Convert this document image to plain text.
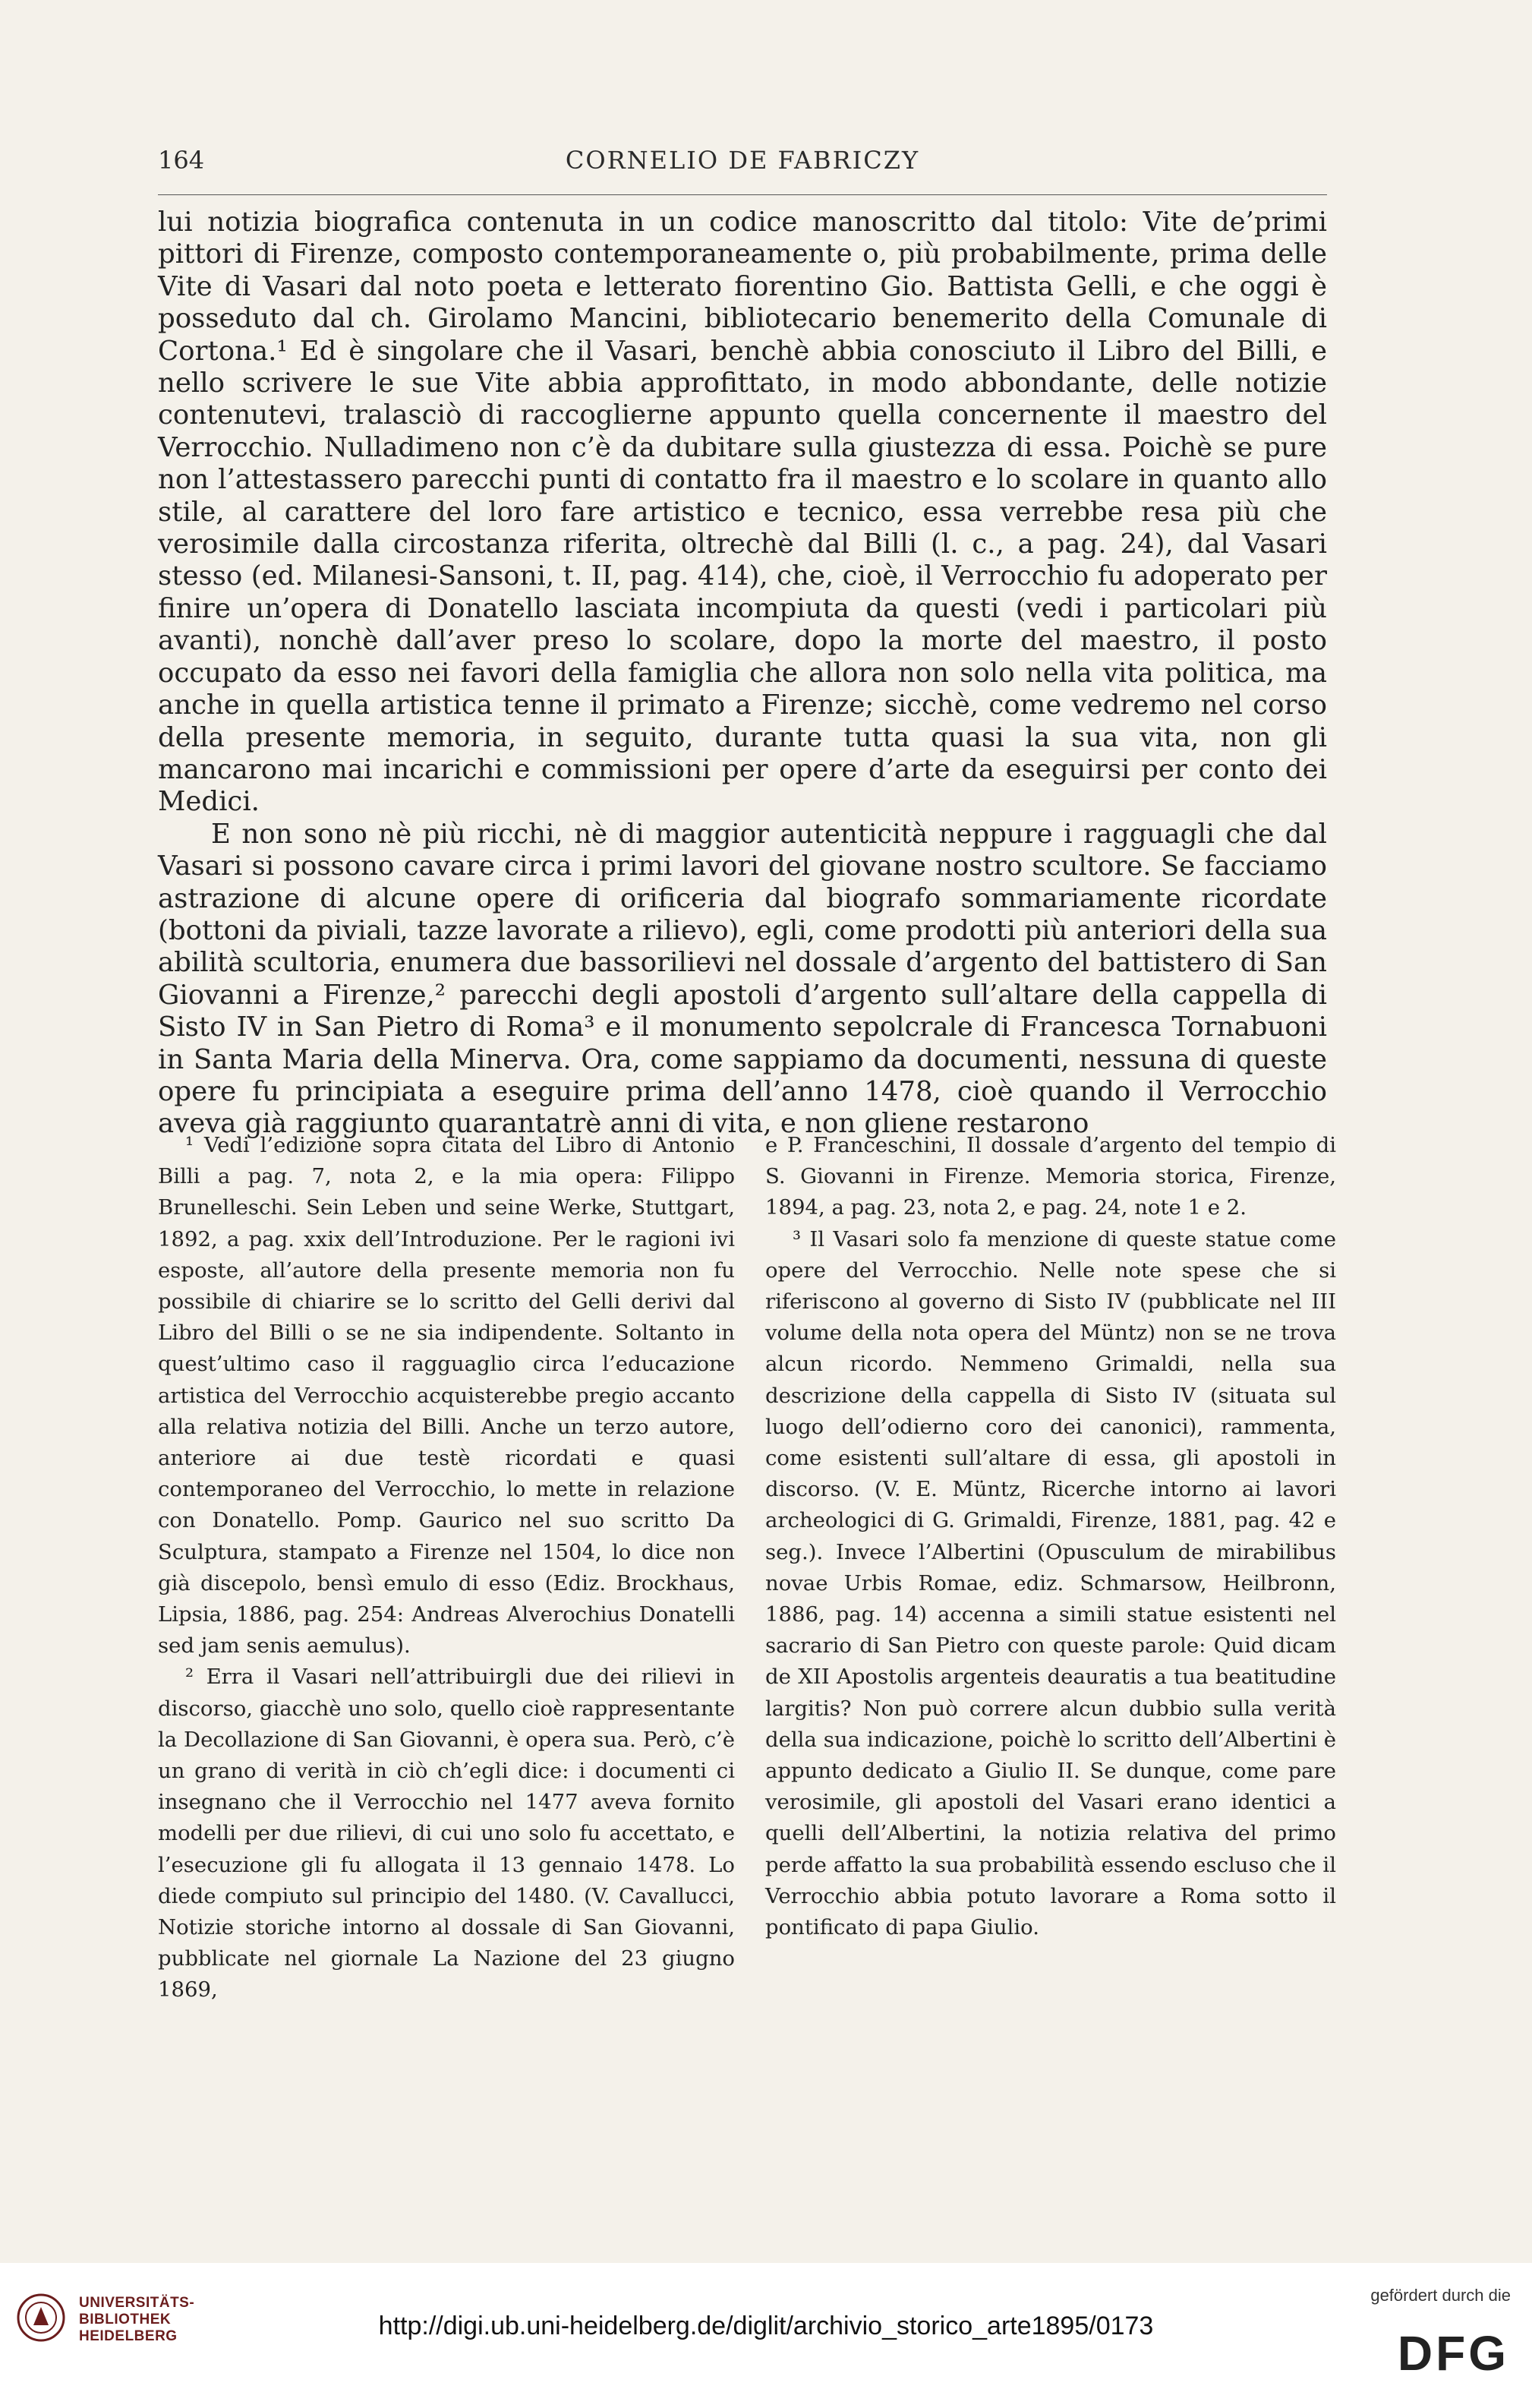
164	CORNELIO DE FABRICZY

lui notizia biografica contenuta in un codice manoscritto dal titolo: Vite de’primi pittori di Firenze, composto contemporaneamente o, più probabilmente, prima delle Vite di Vasari dal noto poeta e letterato fiorentino Gio. Battista Gelli, e che oggi è posseduto dal ch. Girolamo Mancini, bibliotecario benemerito della Comunale di Cortona.¹ Ed è singolare che il Vasari, benchè abbia conosciuto il Libro del Billi, e nello scrivere le sue Vite abbia approfittato, in modo abbondante, delle notizie contenutevi, tralasciò di raccoglierne appunto quella concernente il maestro del Verrocchio. Nulladimeno non c’è da dubitare sulla giustezza di essa. Poichè se pure non l’attestassero parecchi punti di contatto fra il maestro e lo scolare in quanto allo stile, al carattere del loro fare artistico e tecnico, essa verrebbe resa più che verosimile dalla circostanza riferita, oltrechè dal Billi (l. c., a pag. 24), dal Vasari stesso (ed. Milanesi-Sansoni, t. II, pag. 414), che, cioè, il Verrocchio fu adoperato per finire un’opera di Donatello lasciata incompiuta da questi (vedi i particolari più avanti), nonchè dall’aver preso lo scolare, dopo la morte del maestro, il posto occupato da esso nei favori della famiglia che allora non solo nella vita politica, ma anche in quella artistica tenne il primato a Firenze; sicchè, come vedremo nel corso della presente memoria, in seguito, durante tutta quasi la sua vita, non gli mancarono mai incarichi e commissioni per opere d’arte da eseguirsi per conto dei Medici.

E non sono nè più ricchi, nè di maggior autenticità neppure i ragguagli che dal Vasari si possono cavare circa i primi lavori del giovane nostro scultore. Se facciamo astrazione di alcune opere di orificeria dal biografo sommariamente ricordate (bottoni da piviali, tazze lavorate a rilievo), egli, come prodotti più anteriori della sua abilità scultoria, enumera due bassorilievi nel dossale d’argento del battistero di San Giovanni a Firenze,² parecchi degli apostoli d’argento sull’altare della cappella di Sisto IV in San Pietro di Roma³ e il monumento sepolcrale di Francesca Tornabuoni in Santa Maria della Minerva. Ora, come sappiamo da documenti, nessuna di queste opere fu principiata a eseguire prima dell’anno 1478, cioè quando il Verrocchio aveva già raggiunto quarantatrè anni di vita, e non gliene restarono

¹ Vedi l’edizione sopra citata del Libro di Antonio Billi a pag. 7, nota 2, e la mia opera: Filippo Brunelleschi. Sein Leben und seine Werke, Stuttgart, 1892, a pag. xxix dell’Introduzione. Per le ragioni ivi esposte, all’autore della presente memoria non fu possibile di chiarire se lo scritto del Gelli derivi dal Libro del Billi o se ne sia indipendente. Soltanto in quest’ultimo caso il ragguaglio circa l’educazione artistica del Verrocchio acquisterebbe pregio accanto alla relativa notizia del Billi. Anche un terzo autore, anteriore ai due testè ricordati e quasi contemporaneo del Verrocchio, lo mette in relazione con Donatello. Pomp. Gaurico nel suo scritto Da Sculptura, stampato a Firenze nel 1504, lo dice non già discepolo, bensì emulo di esso (Ediz. Brockhaus, Lipsia, 1886, pag. 254: Andreas Alverochius Donatelli sed jam senis aemulus).

² Erra il Vasari nell’attribuirgli due dei rilievi in discorso, giacchè uno solo, quello cioè rappresentante la Decollazione di San Giovanni, è opera sua. Però, c’è un grano di verità in ciò ch’egli dice: i documenti ci insegnano che il Verrocchio nel 1477 aveva fornito modelli per due rilievi, di cui uno solo fu accettato, e l’esecuzione gli fu allogata il 13 gennaio 1478. Lo diede compiuto sul principio del 1480. (V. Cavallucci, Notizie storiche intorno al dossale di San Giovanni, pubblicate nel giornale La Nazione del 23 giugno 1869,

e P. Franceschini, Il dossale d’argento del tempio di S. Giovanni in Firenze. Memoria storica, Firenze, 1894, a pag. 23, nota 2, e pag. 24, note 1 e 2.

³ Il Vasari solo fa menzione di queste statue come opere del Verrocchio. Nelle note spese che si riferiscono al governo di Sisto IV (pubblicate nel III volume della nota opera del Müntz) non se ne trova alcun ricordo. Nemmeno Grimaldi, nella sua descrizione della cappella di Sisto IV (situata sul luogo dell’odierno coro dei canonici), rammenta, come esistenti sull’altare di essa, gli apostoli in discorso. (V. E. Müntz, Ricerche intorno ai lavori archeologici di G. Grimaldi, Firenze, 1881, pag. 42 e seg.). Invece l’Albertini (Opusculum de mirabilibus novae Urbis Romae, ediz. Schmarsow, Heilbronn, 1886, pag. 14) accenna a simili statue esistenti nel sacrario di San Pietro con queste parole: Quid dicam de XII Apostolis argenteis deauratis a tua beatitudine largitis? Non può correre alcun dubbio sulla verità della sua indicazione, poichè lo scritto dell’Albertini è appunto dedicato a Giulio II. Se dunque, come pare verosimile, gli apostoli del Vasari erano identici a quelli dell’Albertini, la notizia relativa del primo perde affatto la sua probabilità essendo escluso che il Verrocchio abbia potuto lavorare a Roma sotto il pontificato di papa Giulio.

UNIVERSITÄTS-
BIBLIOTHEK
HEIDELBERG	http://digi.ub.uni-heidelberg.de/diglit/archivio_storico_arte1895/0173
gefördert durch die
DFG
